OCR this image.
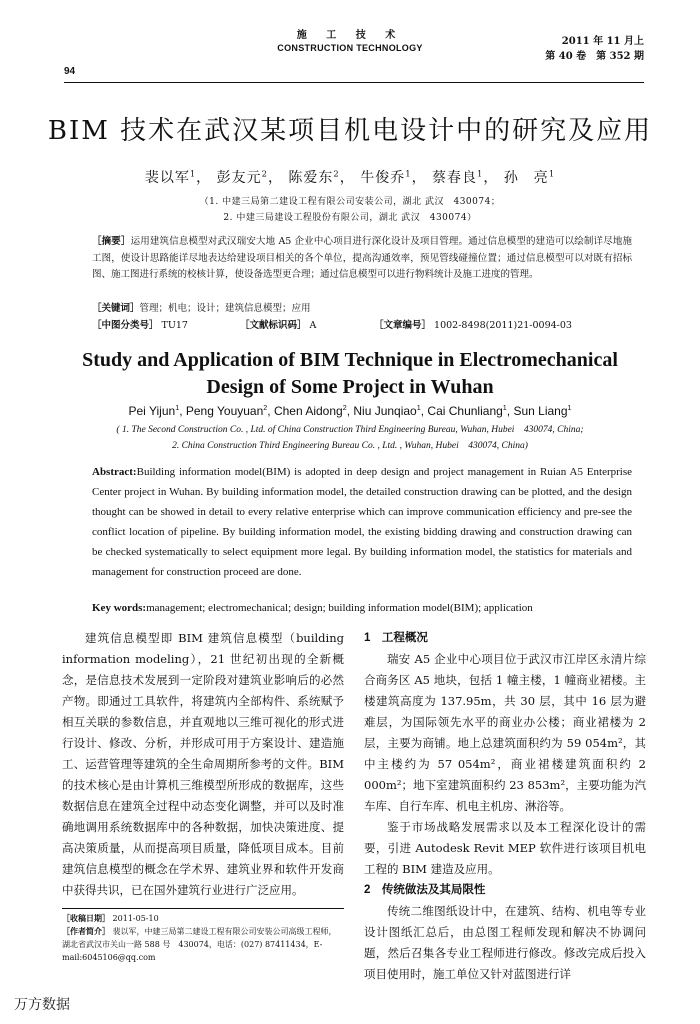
施 工 技 术
CONSTRUCTION TECHNOLOGY
94
2011 年 11 月上
第 40 卷　第 352 期
BIM 技术在武汉某项目机电设计中的研究及应用
裴以军$^1$， 彭友元$^2$， 陈爱东$^2$， 牛俊乔$^1$， 蔡春良$^1$， 孙　亮$^1$
（1. 中建三局第二建设工程有限公司安装公司，湖北 武汉　430074；
2. 中建三局建设工程股份有限公司，湖北 武汉　430074）
［摘要］运用建筑信息模型对武汉瑞安大地 A5 企业中心项目进行深化设计及项目管理。通过信息模型的建造可以绘制详尽地施工图，使设计思路能详尽地表达给建设项目相关的各个单位，提高沟通效率，预见管线碰撞位置；通过信息模型可以对既有招标图、施工图进行系统的校核计算，使设备选型更合理；通过信息模型可以进行物料统计及施工进度的管理。
［关键词］管理；机电；设计；建筑信息模型；应用
［中图分类号］ TU17	［文献标识码］ A	［文章编号］ 1002-8498(2011)21-0094-03
Study and Application of BIM Technique in Electromechanical
Design of Some Project in Wuhan
Pei Yijun$^1$, Peng Youyuan$^2$, Chen Aidong$^2$, Niu Junqiao$^1$, Cai Chunliang$^1$, Sun Liang$^1$
( 1. The Second Construction Co. , Ltd. of China Construction Third Engineering Bureau, Wuhan, Hubei　430074, China;
2. China Construction Third Engineering Bureau Co. , Ltd. , Wuhan, Hubei　430074, China)
Abstract:Building information model(BIM) is adopted in deep design and project management in Ruian A5 Enterprise Center project in Wuhan. By building information model, the detailed construction drawing can be plotted, and the design thought can be showed in detail to every relative enterprise which can improve communication efficiency and pre-see the conflict location of pipeline. By building information model, the existing bidding drawing and construction drawing can be checked systematically to select equipment more legal. By building information model, the statistics for materials and management for construction proceed are done.
Key words:management; electromechanical; design; building information model(BIM); application

建筑信息模型即 BIM 建筑信息模型（building information modeling），21 世纪初出现的全新概念，是信息技术发展到一定阶段对建筑业影响后的必然产物。即通过工具软件，将建筑内全部构件、系统赋予相互关联的参数信息，并直观地以三维可视化的形式进行设计、修改、分析，并形成可用于方案设计、建造施工、运营管理等建筑的全生命周期所参考的文件。BIM 的技术核心是由计算机三维模型所形成的数据库，这些数据信息在建筑全过程中动态变化调整，并可以及时准确地调用系统数据库中的各种数据，加快决策进度、提高决策质量，从而提高项目质量，降低项目成本。目前建筑信息模型的概念在学术界、建筑业界和软件开发商中获得共识，已在国外建筑行业进行广泛应用。

1　工程概况

瑞安 A5 企业中心项目位于武汉市江岸区永清片综合商务区 A5 地块，包括 1 幢主楼，1 幢商业裙楼。主楼建筑高度为 137.95m，共 30 层，其中 16 层为避难层，为国际领先水平的商业办公楼；商业裙楼为 2 层，主要为商铺。地上总建筑面积约为 59 054m²，其中主楼约为 57 054m²，商业裙楼建筑面积约 2 000m²；地下室建筑面积约 23 853m²，主要功能为汽车库、自行车库、机电主机房、淋浴等。

鉴于市场战略发展需求以及本工程深化设计的需要，引进 Autodesk Revit MEP 软件进行该项目机电工程的 BIM 建造及应用。

2　传统做法及其局限性

传统二维图纸设计中，在建筑、结构、机电等专业设计图纸汇总后，由总图工程师发现和解决不协调问题，然后召集各专业工程师进行修改。修改完成后投入项目使用时，施工单位又针对蓝图进行详

［收稿日期］ 2011-05-10
［作者简介］ 裴以军，中建三局第二建设工程有限公司安装公司高级工程师，湖北省武汉市关山一路 588 号　430074，电话：(027) 87411434，E-mail:6045106@qq.com
万方数据
